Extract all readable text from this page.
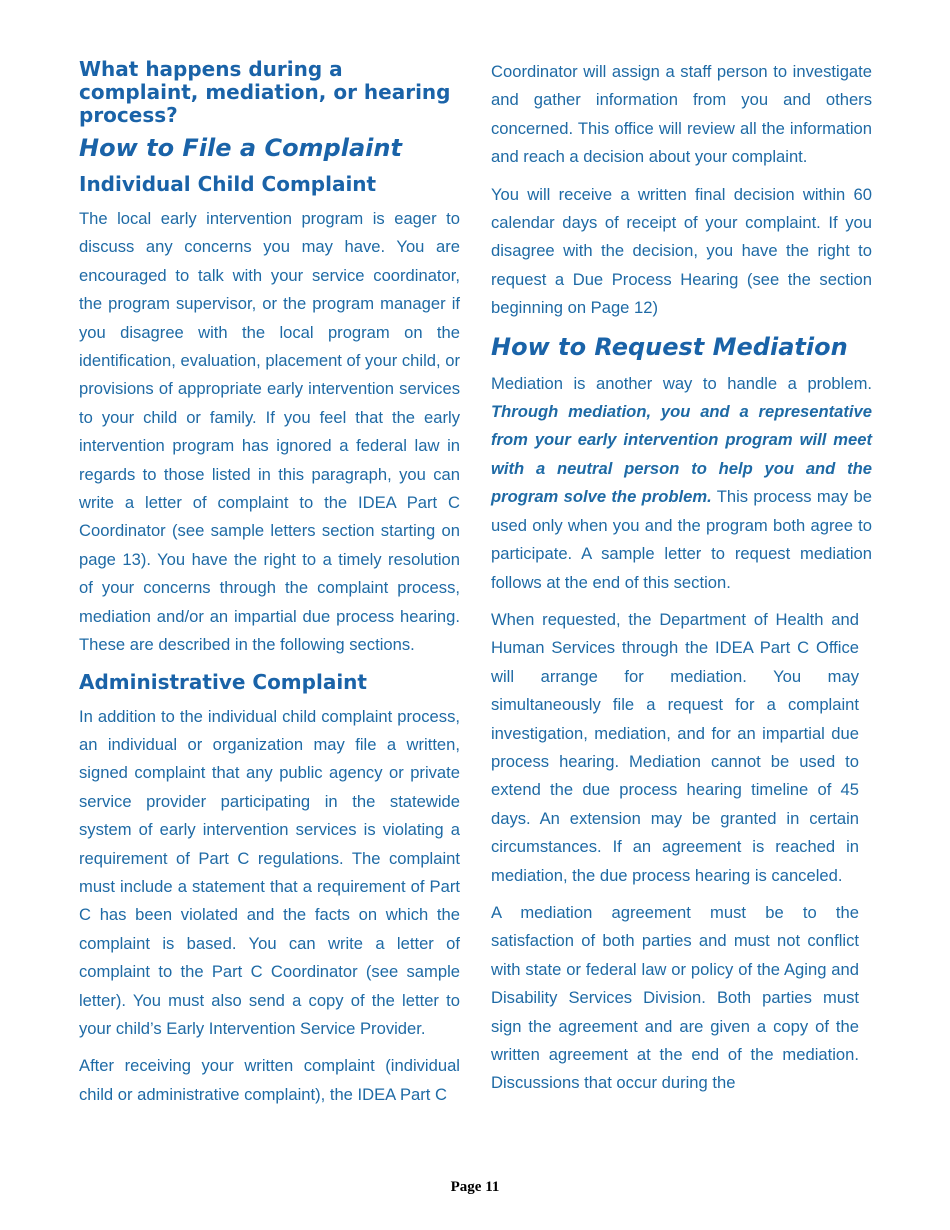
What happens during a complaint, mediation, or hearing process?
How to File a Complaint
Individual Child Complaint

The local early intervention program is eager to discuss any concerns you may have. You are encouraged to talk with your service coordinator, the program supervisor, or the program manager if you disagree with the local program on the identification, evaluation, placement of your child, or provisions of appropriate early intervention services to your child or family. If you feel that the early intervention program has ignored a federal law in regards to those listed in this paragraph, you can write a letter of complaint to the IDEA Part C Coordinator (see sample letters section starting on page 13). You have the right to a timely resolution of your concerns through the complaint process, mediation and/or an impartial due process hearing. These are described in the following sections.

Administrative Complaint

In addition to the individual child complaint process, an individual or organization may file a written, signed complaint that any public agency or private service provider participating in the statewide system of early intervention services is violating a requirement of Part C regulations. The complaint must include a statement that a requirement of Part C has been violated and the facts on which the complaint is based. You can write a letter of complaint to the Part C Coordinator (see sample letter). You must also send a copy of the letter to your child’s Early Intervention Service Provider.

After receiving your written complaint (individual child or administrative complaint), the IDEA Part C

Coordinator will assign a staff person to investigate and gather information from you and others concerned. This office will review all the information and reach a decision about your complaint.

You will receive a written final decision within 60 calendar days of receipt of your complaint. If you disagree with the decision, you have the right to request a Due Process Hearing (see the section beginning on Page 12)

How to Request Mediation

Mediation is another way to handle a problem. Through mediation, you and a representative from your early intervention program will meet with a neutral person to help you and the program solve the problem. This process may be used only when you and the program both agree to participate. A sample letter to request mediation follows at the end of this section.

When requested, the Department of Health and Human Services through the IDEA Part C Office will arrange for mediation. You may simultaneously file a request for a complaint investigation, mediation, and for an impartial due process hearing. Mediation cannot be used to extend the due process hearing timeline of 45 days. An extension may be granted in certain circumstances. If an agreement is reached in mediation, the due process hearing is canceled.

A mediation agreement must be to the satisfaction of both parties and must not conflict with state or federal law or policy of the Aging and Disability Services Division. Both parties must sign the agreement and are given a copy of the written agreement at the end of the mediation. Discussions that occur during the

Page 11
